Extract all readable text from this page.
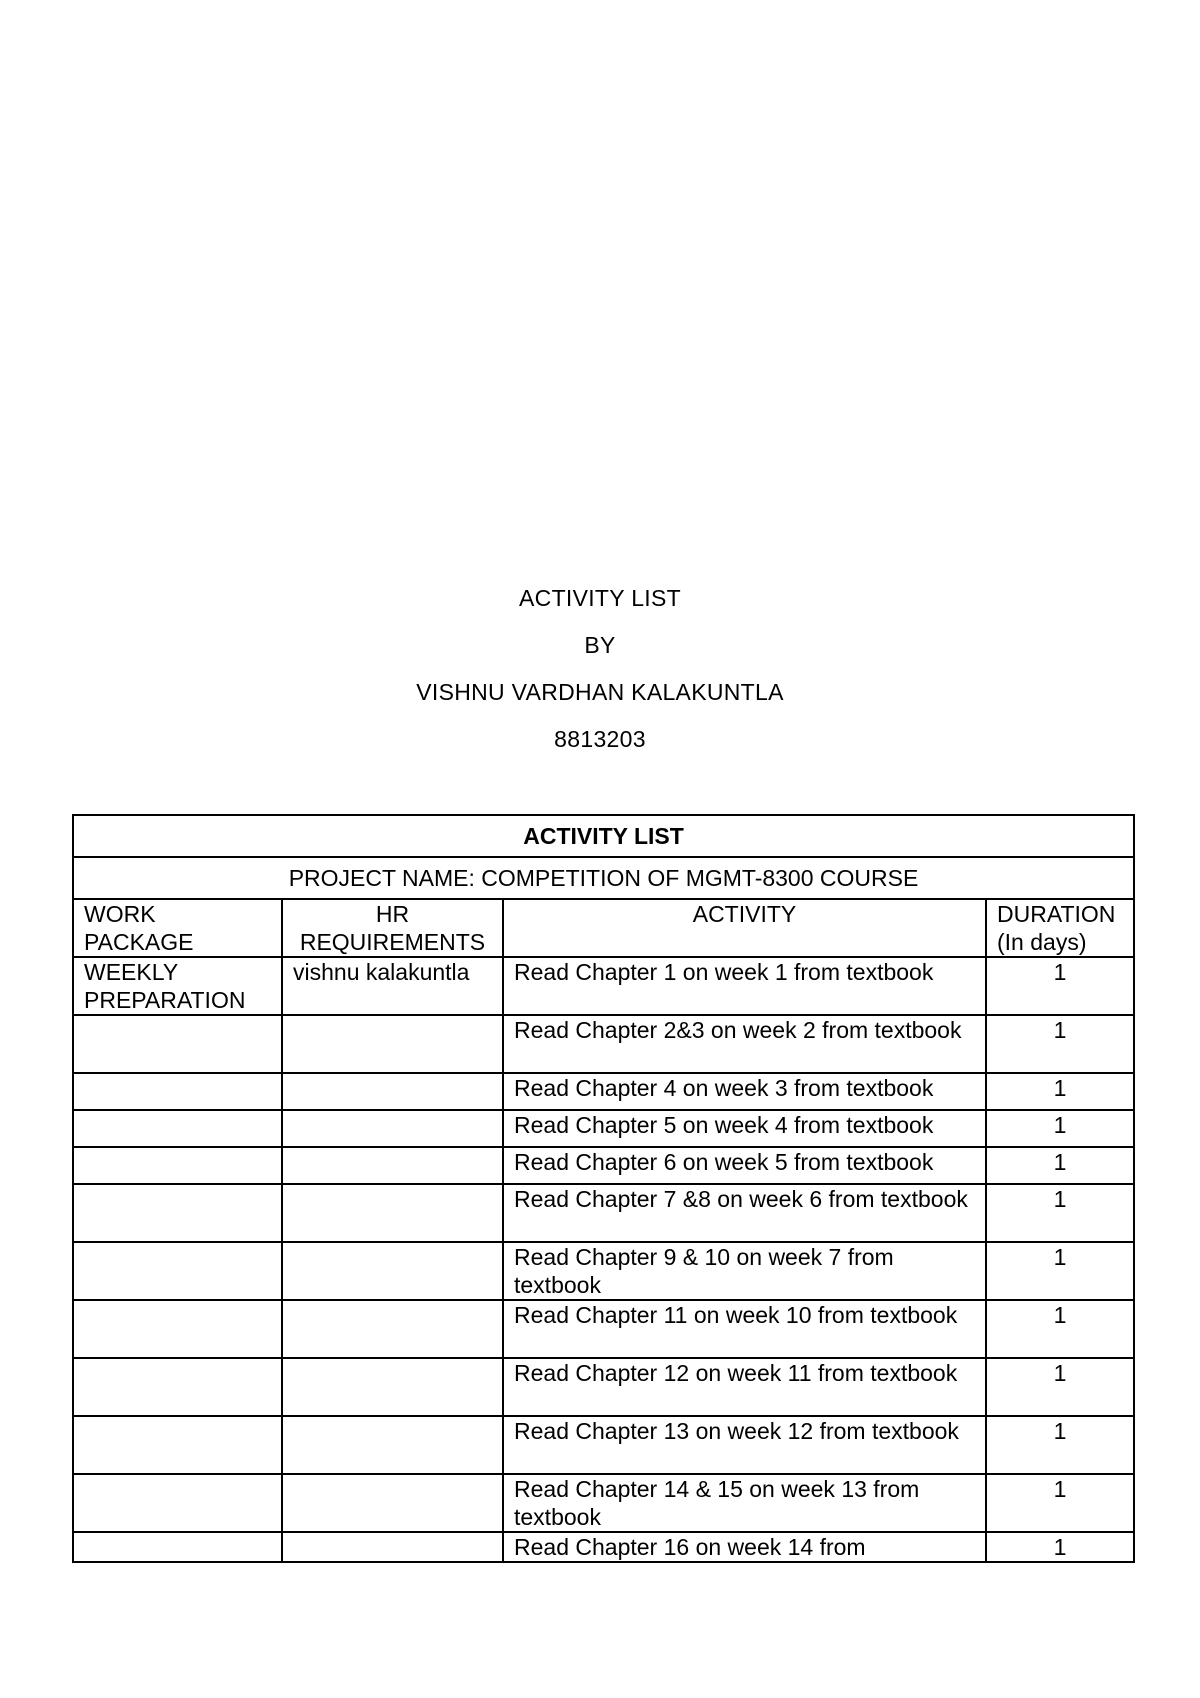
ACTIVITY LIST
BY
VISHNU VARDHAN KALAKUNTLA
8813203
ACTIVITY LIST			
PROJECT NAME: COMPETITION OF MGMT-8300 COURSE			
WORK PACKAGE	HR REQUIREMENTS	ACTIVITY	DURATION (In days)
WEEKLY PREPARATION	vishnu kalakuntla	Read Chapter 1 on week 1 from textbook	1
		Read Chapter 2&3 on week 2 from textbook	1
		Read Chapter 4 on week 3 from textbook	1
		Read Chapter 5 on week 4 from textbook	1
		Read Chapter 6 on week 5 from textbook	1
		Read Chapter 7 &8 on week 6 from textbook	1
		Read Chapter 9 & 10 on week 7 from textbook	1
		Read Chapter 11 on week 10 from textbook	1
		Read Chapter 12 on week 11 from textbook	1
		Read Chapter 13 on week 12 from textbook	1
		Read Chapter 14 & 15 on week 13 from textbook	1
		Read Chapter 16 on week 14 from	1
